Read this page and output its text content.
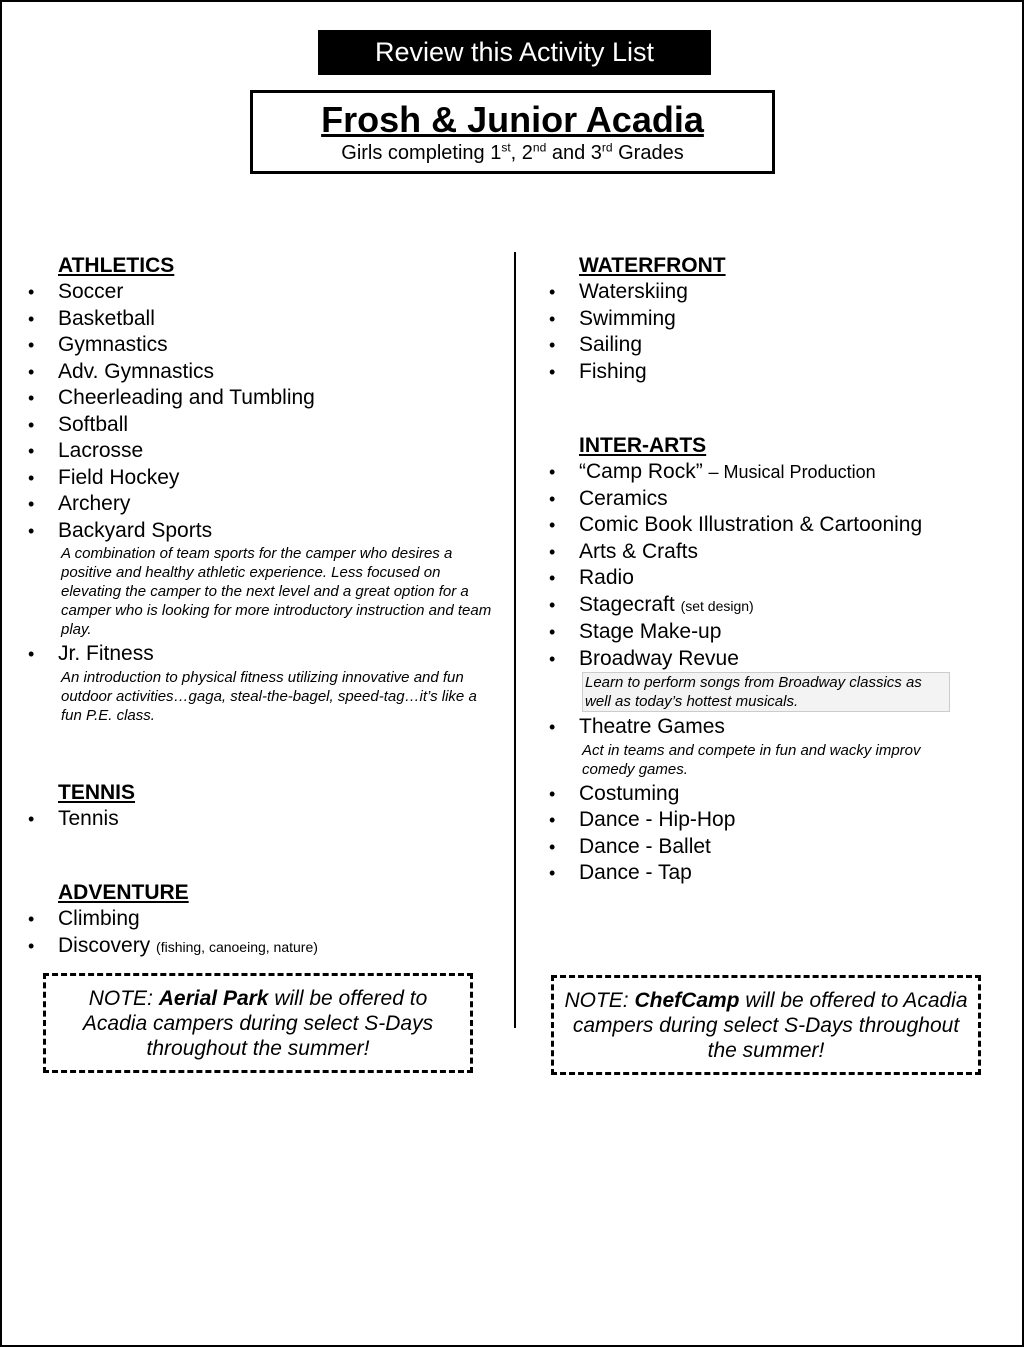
Review this Activity List
Frosh & Junior Acadia
Girls completing 1st, 2nd and 3rd Grades
ATHLETICS
• Soccer
• Basketball
• Gymnastics
• Adv. Gymnastics
• Cheerleading and Tumbling
• Softball
• Lacrosse
• Field Hockey
• Archery
• Backyard Sports
A combination of team sports for the camper who desires a positive and healthy athletic experience. Less focused on elevating the camper to the next level and a great option for a camper who is looking for more introductory instruction and team play.
• Jr. Fitness
An introduction to physical fitness utilizing innovative and fun outdoor activities…gaga, steal-the-bagel, speed-tag…it’s like a fun P.E. class.
TENNIS
• Tennis
ADVENTURE
• Climbing
• Discovery (fishing, canoeing, nature)
WATERFRONT
• Waterskiing
• Swimming
• Sailing
• Fishing
INTER-ARTS
• “Camp Rock” – Musical Production
• Ceramics
• Comic Book Illustration & Cartooning
• Arts & Crafts
• Radio
• Stagecraft (set design)
• Stage Make-up
• Broadway Revue
Learn to perform songs from Broadway classics as well as today’s hottest musicals.
• Theatre Games
Act in teams and compete in fun and wacky improv comedy games.
• Costuming
• Dance - Hip-Hop
• Dance - Ballet
• Dance - Tap
NOTE: Aerial Park will be offered to Acadia campers during select S-Days throughout the summer!
NOTE: ChefCamp will be offered to Acadia campers during select S-Days throughout the summer!
